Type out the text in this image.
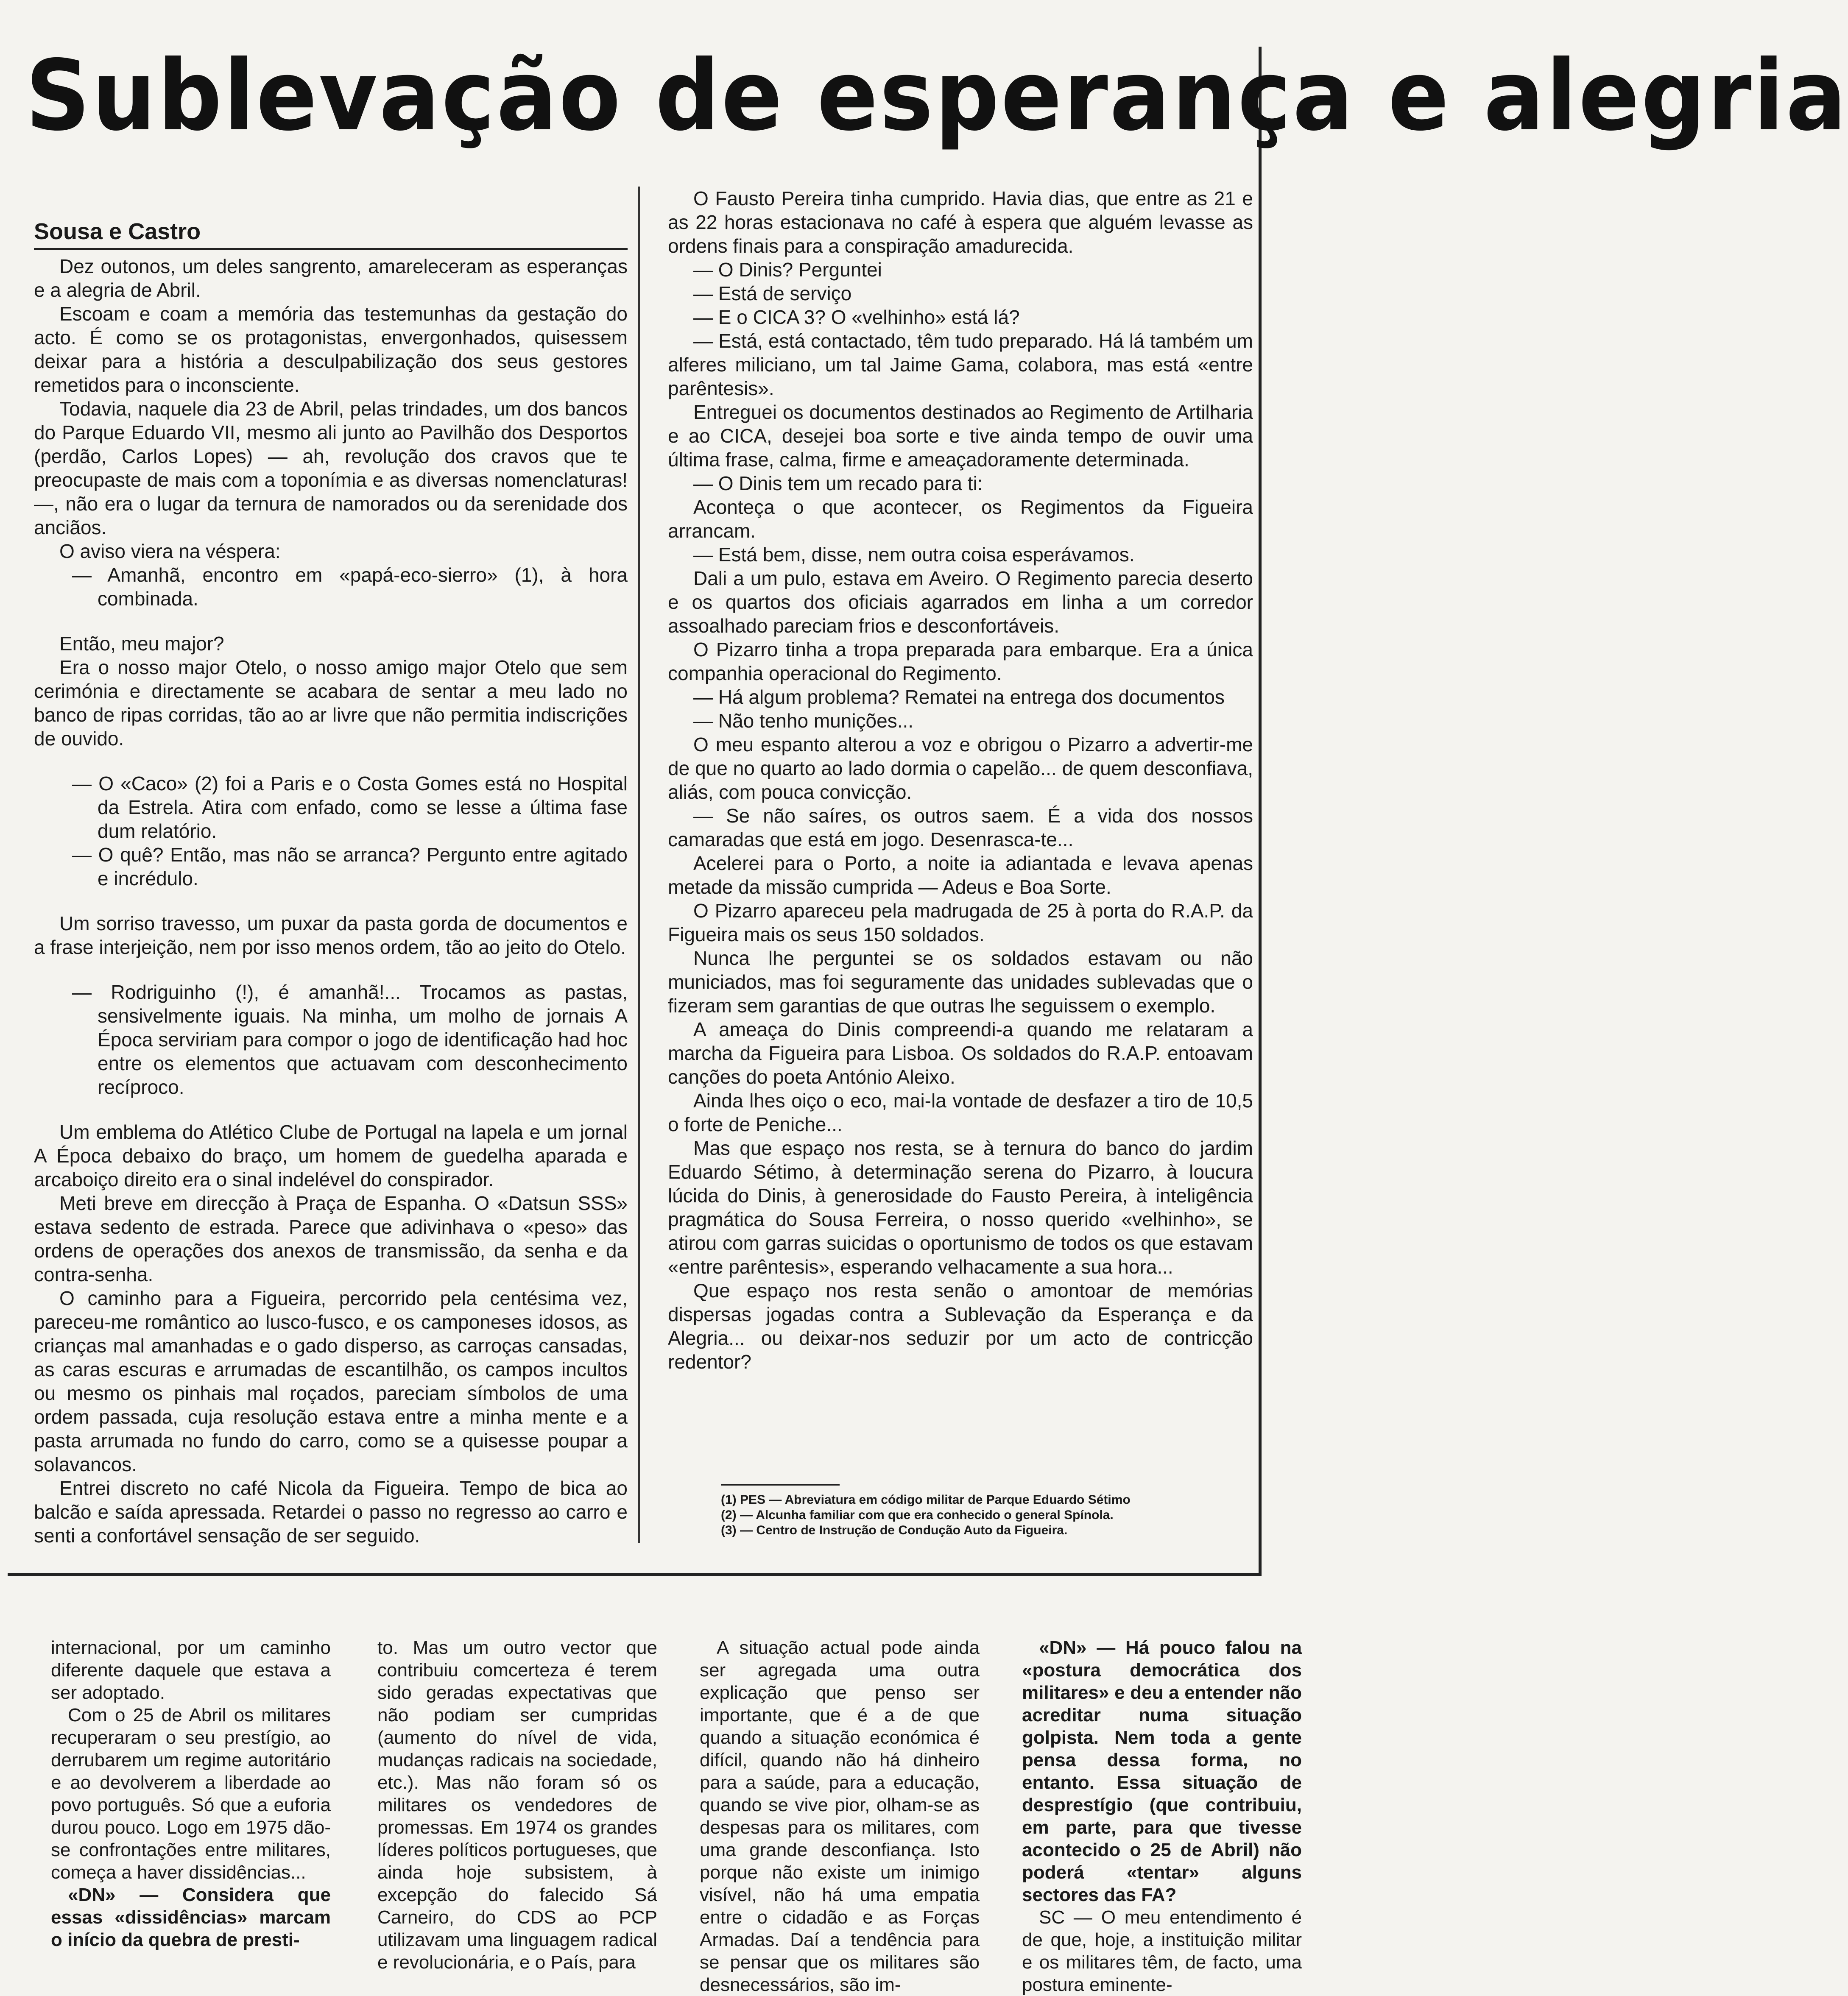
Sublevação de esperança e alegria
Sousa e Castro

Dez outonos, um deles sangrento, amareleceram as esperanças e a alegria de Abril.

Escoam e coam a memória das testemunhas da gestação do acto. É como se os protagonistas, envergonhados, quisessem deixar para a história a desculpabilização dos seus gestores remetidos para o inconsciente.

Todavia, naquele dia 23 de Abril, pelas trindades, um dos bancos do Parque Eduardo VII, mesmo ali junto ao Pavilhão dos Desportos (perdão, Carlos Lopes) — ah, revolução dos cravos que te preocupaste de mais com a toponímia e as diversas nomenclaturas! —, não era o lugar da ternura de namorados ou da serenidade dos anciãos.

O aviso viera na véspera:

— Amanhã, encontro em «papá-eco-sierro» (1), à hora combinada.

Então, meu major?

Era o nosso major Otelo, o nosso amigo major Otelo que sem cerimónia e directamente se acabara de sentar a meu lado no banco de ripas corridas, tão ao ar livre que não permitia indiscrições de ouvido.

— O «Caco» (2) foi a Paris e o Costa Gomes está no Hospital da Estrela. Atira com enfado, como se lesse a última fase dum relatório.

— O quê? Então, mas não se arranca? Pergunto entre agitado e incrédulo.

Um sorriso travesso, um puxar da pasta gorda de documentos e a frase interjeição, nem por isso menos ordem, tão ao jeito do Otelo.

— Rodriguinho (!), é amanhã!... Trocamos as pastas, sensivelmente iguais. Na minha, um molho de jornais A Época serviriam para compor o jogo de identificação had hoc entre os elementos que actuavam com desconhecimento recíproco.

Um emblema do Atlético Clube de Portugal na lapela e um jornal A Época debaixo do braço, um homem de guedelha aparada e arcaboiço direito era o sinal indelével do conspirador.

Meti breve em direcção à Praça de Espanha. O «Datsun SSS» estava sedento de estrada. Parece que adivinhava o «peso» das ordens de operações dos anexos de transmissão, da senha e da contra-senha.

O caminho para a Figueira, percorrido pela centésima vez, pareceu-me romântico ao lusco-fusco, e os camponeses idosos, as crianças mal amanhadas e o gado disperso, as carroças cansadas, as caras escuras e arrumadas de escantilhão, os campos incultos ou mesmo os pinhais mal roçados, pareciam símbolos de uma ordem passada, cuja resolução estava entre a minha mente e a pasta arrumada no fundo do carro, como se a quisesse poupar a solavancos.

Entrei discreto no café Nicola da Figueira. Tempo de bica ao balcão e saída apressada. Retardei o passo no regresso ao carro e senti a confortável sensação de ser seguido.

O Fausto Pereira tinha cumprido. Havia dias, que entre as 21 e as 22 horas estacionava no café à espera que alguém levasse as ordens finais para a conspiração amadurecida.

— O Dinis? Perguntei

— Está de serviço

— E o CICA 3? O «velhinho» está lá?

— Está, está contactado, têm tudo preparado. Há lá também um alferes miliciano, um tal Jaime Gama, colabora, mas está «entre parêntesis».

Entreguei os documentos destinados ao Regimento de Artilharia e ao CICA, desejei boa sorte e tive ainda tempo de ouvir uma última frase, calma, firme e ameaçadoramente determinada.

— O Dinis tem um recado para ti:

Aconteça o que acontecer, os Regimentos da Figueira arrancam.

— Está bem, disse, nem outra coisa esperávamos.

Dali a um pulo, estava em Aveiro. O Regimento parecia deserto e os quartos dos oficiais agarrados em linha a um corredor assoalhado pareciam frios e desconfortáveis.

O Pizarro tinha a tropa preparada para embarque. Era a única companhia operacional do Regimento.

— Há algum problema? Rematei na entrega dos documentos

— Não tenho munições...

O meu espanto alterou a voz e obrigou o Pizarro a advertir-me de que no quarto ao lado dormia o capelão... de quem desconfiava, aliás, com pouca convicção.

— Se não saíres, os outros saem. É a vida dos nossos camaradas que está em jogo. Desenrasca-te...

Acelerei para o Porto, a noite ia adiantada e levava apenas metade da missão cumprida — Adeus e Boa Sorte.

O Pizarro apareceu pela madrugada de 25 à porta do R.A.P. da Figueira mais os seus 150 soldados.

Nunca lhe perguntei se os soldados estavam ou não municiados, mas foi seguramente das unidades sublevadas que o fizeram sem garantias de que outras lhe seguissem o exemplo.

A ameaça do Dinis compreendi-a quando me relataram a marcha da Figueira para Lisboa. Os soldados do R.A.P. entoavam canções do poeta António Aleixo.

Ainda lhes oiço o eco, mai-la vontade de desfazer a tiro de 10,5 o forte de Peniche...

Mas que espaço nos resta, se à ternura do banco do jardim Eduardo Sétimo, à determinação serena do Pizarro, à loucura lúcida do Dinis, à generosidade do Fausto Pereira, à inteligência pragmática do Sousa Ferreira, o nosso querido «velhinho», se atirou com garras suicidas o oportunismo de todos os que estavam «entre parêntesis», esperando velhacamente a sua hora...

Que espaço nos resta senão o amontoar de memórias dispersas jogadas contra a Sublevação da Esperança e da Alegria... ou deixar-nos seduzir por um acto de contricção redentor?

(1) PES — Abreviatura em código militar de Parque Eduardo Sétimo

(2) — Alcunha familiar com que era conhecido o general Spínola.

(3) — Centro de Instrução de Condução Auto da Figueira.

internacional, por um caminho diferente daquele que estava a ser adoptado.

Com o 25 de Abril os militares recuperaram o seu prestígio, ao derrubarem um regime autoritário e ao devolverem a liberdade ao povo português. Só que a euforia durou pouco. Logo em 1975 dão-se confrontações entre militares, começa a haver dissidências...

«DN» — Considera que essas «dissidências» marcam o início da quebra de presti-

to. Mas um outro vector que contribuiu comcerteza é terem sido geradas expectativas que não podiam ser cumpridas (aumento do nível de vida, mudanças radicais na sociedade, etc.). Mas não foram só os militares os vendedores de promessas. Em 1974 os grandes líderes políticos portugueses, que ainda hoje subsistem, à excepção do falecido Sá Carneiro, do CDS ao PCP utilizavam uma linguagem radical e revolucionária, e o País, para

A situação actual pode ainda ser agregada uma outra explicação que penso ser importante, que é a de que quando a situação económica é difícil, quando não há dinheiro para a saúde, para a educação, quando se vive pior, olham-se as despesas para os militares, com uma grande desconfiança. Isto porque não existe um inimigo visível, não há uma empatia entre o cidadão e as Forças Armadas. Daí a tendência para se pensar que os militares são desnecessários, são im-

«DN» — Há pouco falou na «postura democrática dos militares» e deu a entender não acreditar numa situação golpista. Nem toda a gente pensa dessa forma, no entanto. Essa situação de desprestígio (que contribuiu, em parte, para que tivesse acontecido o 25 de Abril) não poderá «tentar» alguns sectores das FA?

SC — O meu entendimento é de que, hoje, a instituição militar e os militares têm, de facto, uma postura eminente-
